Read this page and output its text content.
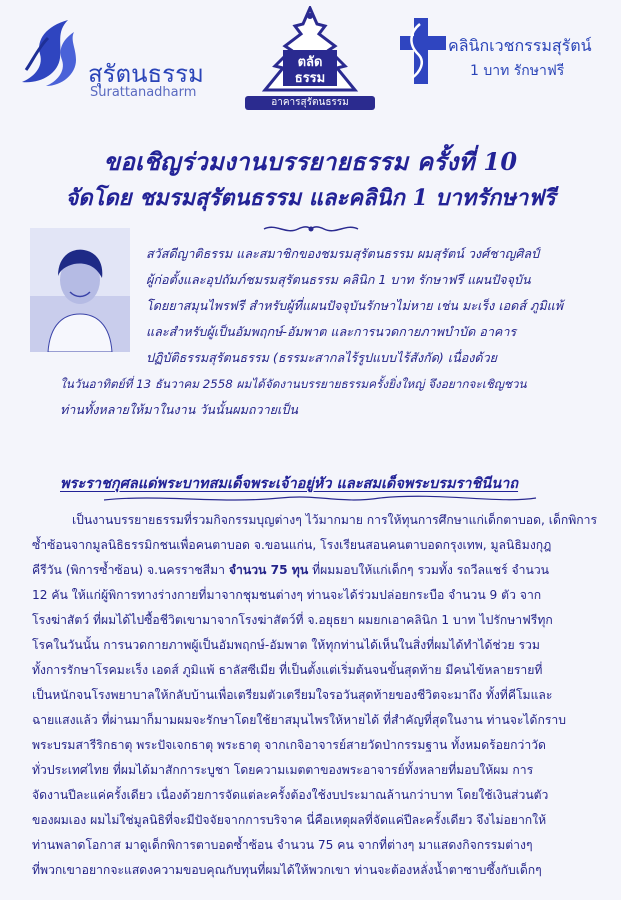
สุรัตนธรรม
Surattanadharm
ตลัด
ธรรม
อาคารสุรัตนธรรม
คลินิกเวชกรรมสุรัตน์
1 บาท รักษาฟรี
ขอเชิญร่วมงานบรรยายธรรม ครั้งที่ 10
จัดโดย ชมรมสุรัตนธรรม และคลินิก 1 บาทรักษาฟรี

สวัสดีญาติธรรม และสมาชิกของชมรมสุรัตนธรรม ผมสุรัตน์ วงศ์ชาญศิลป์

ผู้ก่อตั้งและอุปถัมภ์ชมรมสุรัตนธรรม คลินิก 1 บาท รักษาฟรี แผนปัจจุบัน

โดยยาสมุนไพรฟรี สำหรับผู้ที่แผนปัจจุบันรักษาไม่หาย เช่น มะเร็ง เอดส์ ภูมิแพ้

และสำหรับผู้เป็นอัมพฤกษ์-อัมพาต และการนวดกายภาพบำบัด อาคาร

ปฏิบัติธรรมสุรัตนธรรม (ธรรมะสากลไร้รูปแบบไร้สังกัด) เนื่องด้วย

ในวันอาทิตย์ที่ 13 ธันวาคม 2558 ผมได้จัดงานบรรยายธรรมครั้งยิ่งใหญ่ จึงอยากจะเชิญชวน

ท่านทั้งหลายให้มาในงาน วันนั้นผมถวายเป็น

พระราชกุศลแด่พระบาทสมเด็จพระเจ้าอยู่หัว และสมเด็จพระบรมราชินีนาถ

เป็นงานบรรยายธรรมที่รวมกิจกรรมบุญต่างๆ ไว้มากมาย การให้ทุนการศึกษาแก่เด็กตาบอด, เด็กพิการ

ซ้ำซ้อนจากมูลนิธิธรรมิกชนเพื่อคนตาบอด จ.ขอนแก่น, โรงเรียนสอนคนตาบอดกรุงเทพ, มูลนิธิมงกุฎ

คีรีวัน (พิการซ้ำซ้อน) จ.นครราชสีมา จำนวน 75 ทุน ที่ผมมอบให้แก่เด็กๆ รวมทั้ง รถวีลแชร์ จำนวน

12 คัน ให้แก่ผู้พิการทางร่างกายที่มาจากชุมชนต่างๆ ท่านจะได้ร่วมปล่อยกระบือ จำนวน 9 ตัว จาก

โรงฆ่าสัตว์ ที่ผมได้ไปซื้อชีวิตเขามาจากโรงฆ่าสัตว์ที่ จ.อยุธยา ผมยกเอาคลินิก 1 บาท ไปรักษาฟรีทุก

โรคในวันนั้น การนวดกายภาพผู้เป็นอัมพฤกษ์-อัมพาต ให้ทุกท่านได้เห็นในสิ่งที่ผมได้ทำได้ช่วย รวม

ทั้งการรักษาโรคมะเร็ง เอดส์ ภูมิแพ้ ธาลัสซีเมีย ที่เป็นตั้งแต่เริ่มต้นจนขั้นสุดท้าย มีคนไข้หลายรายที่

เป็นหนักจนโรงพยาบาลให้กลับบ้านเพื่อเตรียมตัวเตรียมใจรอวันสุดท้ายของชีวิตจะมาถึง ทั้งที่คีโมและ

ฉายแสงแล้ว ที่ผ่านมาก็มามผมจะรักษาโดยใช้ยาสมุนไพรให้หายได้ ที่สำคัญที่สุดในงาน ท่านจะได้กราบ

พระบรมสารีริกธาตุ พระปัจเจกธาตุ พระธาตุ จากเกจิอาจารย์สายวัดป่ากรรมฐาน ทั้งหมดร้อยกว่าวัด

ทั่วประเทศไทย ที่ผมได้มาสักการะบูชา โดยความเมตตาของพระอาจารย์ทั้งหลายที่มอบให้ผม การ

จัดงานปีละแค่ครั้งเดียว เนื่องด้วยการจัดแต่ละครั้งต้องใช้งบประมาณล้านกว่าบาท โดยใช้เงินส่วนตัว

ของผมเอง ผมไม่ใช่มูลนิธิที่จะมีปัจจัยจากการบริจาค นี่คือเหตุผลที่จัดแค่ปีละครั้งเดียว จึงไม่อยากให้

ท่านพลาดโอกาส มาดูเด็กพิการตาบอดซ้ำซ้อน จำนวน 75 คน จากที่ต่างๆ มาแสดงกิจกรรมต่างๆ

ที่พวกเขาอยากจะแสดงความขอบคุณกับทุนที่ผมได้ให้พวกเขา ท่านจะต้องหลั่งน้ำตาซาบซึ้งกับเด็กๆ
